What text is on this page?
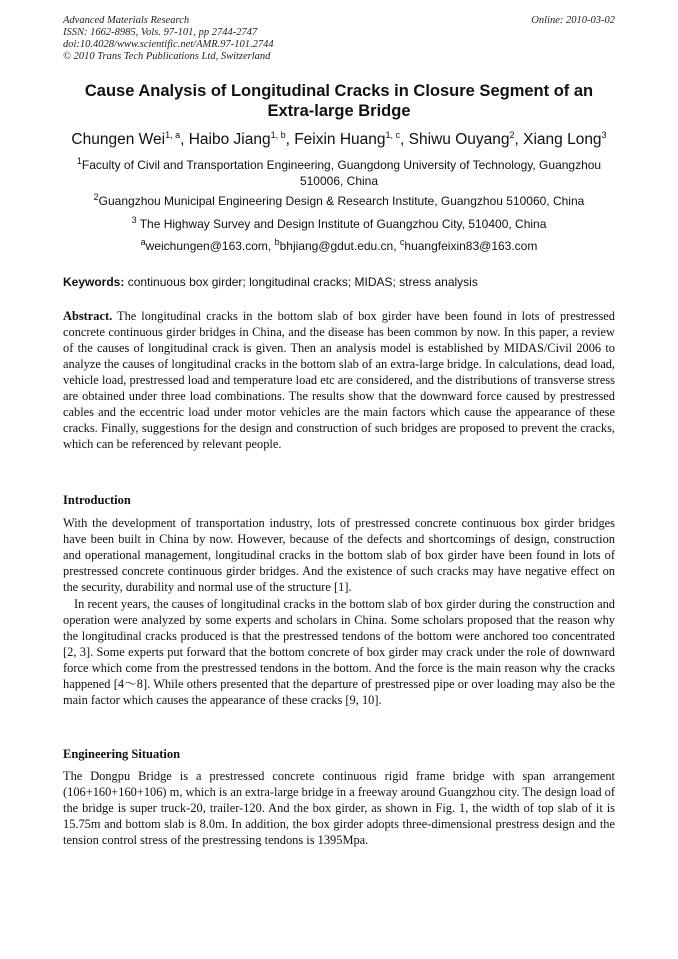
Advanced Materials Research
ISSN: 1662-8985, Vols. 97-101, pp 2744-2747
doi:10.4028/www.scientific.net/AMR.97-101.2744
© 2010 Trans Tech Publications Ltd, Switzerland
Online: 2010-03-02
Cause Analysis of Longitudinal Cracks in Closure Segment of an
Extra-large Bridge
Chungen Wei$^{1, a}$, Haibo Jiang$^{1, b}$, Feixin Huang$^{1, c}$, Shiwu Ouyang$^2$, Xiang Long$^3$
$^1$Faculty of Civil and Transportation Engineering, Guangdong University of Technology, Guangzhou
510006, China
$^2$Guangzhou Municipal Engineering Design & Research Institute, Guangzhou 510060, China
$^3$ The Highway Survey and Design Institute of Guangzhou City, 510400, China
$^a$weichungen@163.com, $^b$bhjiang@gdut.edu.cn, $^c$huangfeixin83@163.com
Keywords: continuous box girder; longitudinal cracks; MIDAS; stress analysis
Abstract. The longitudinal cracks in the bottom slab of box girder have been found in lots of prestressed concrete continuous girder bridges in China, and the disease has been common by now. In this paper, a review of the causes of longitudinal crack is given. Then an analysis model is established by MIDAS/Civil 2006 to analyze the causes of longitudinal cracks in the bottom slab of an extra-large bridge. In calculations, dead load, vehicle load, prestressed load and temperature load etc are considered, and the distributions of transverse stress are obtained under three load combinations. The results show that the downward force caused by prestressed cables and the eccentric load under motor vehicles are the main factors which cause the appearance of these cracks. Finally, suggestions for the design and construction of such bridges are proposed to prevent the cracks, which can be referenced by relevant people.
Introduction

With the development of transportation industry, lots of prestressed concrete continuous box girder bridges have been built in China by now. However, because of the defects and shortcomings of design, construction and operational management, longitudinal cracks in the bottom slab of box girder have been found in lots of prestressed concrete continuous girder bridges. And the existence of such cracks may have negative effect on the security, durability and normal use of the structure [1].

In recent years, the causes of longitudinal cracks in the bottom slab of box girder during the construction and operation were analyzed by some experts and scholars in China. Some scholars proposed that the reason why the longitudinal cracks produced is that the prestressed tendons of the bottom were anchored too concentrated [2, 3]. Some experts put forward that the bottom concrete of box girder may crack under the role of downward force which come from the prestressed tendons in the bottom. And the force is the main reason why the cracks happened [4～8]. While others presented that the departure of prestressed pipe or over loading may also be the main factor which causes the appearance of these cracks [9, 10].

Engineering Situation

The Dongpu Bridge is a prestressed concrete continuous rigid frame bridge with span arrangement (106+160+160+106) m, which is an extra-large bridge in a freeway around Guangzhou city. The design load of the bridge is super truck-20, trailer-120. And the box girder, as shown in Fig. 1, the width of top slab of it is 15.75m and bottom slab is 8.0m. In addition, the box girder adopts three-dimensional prestress design and the tension control stress of the prestressing tendons is 1395Mpa.
